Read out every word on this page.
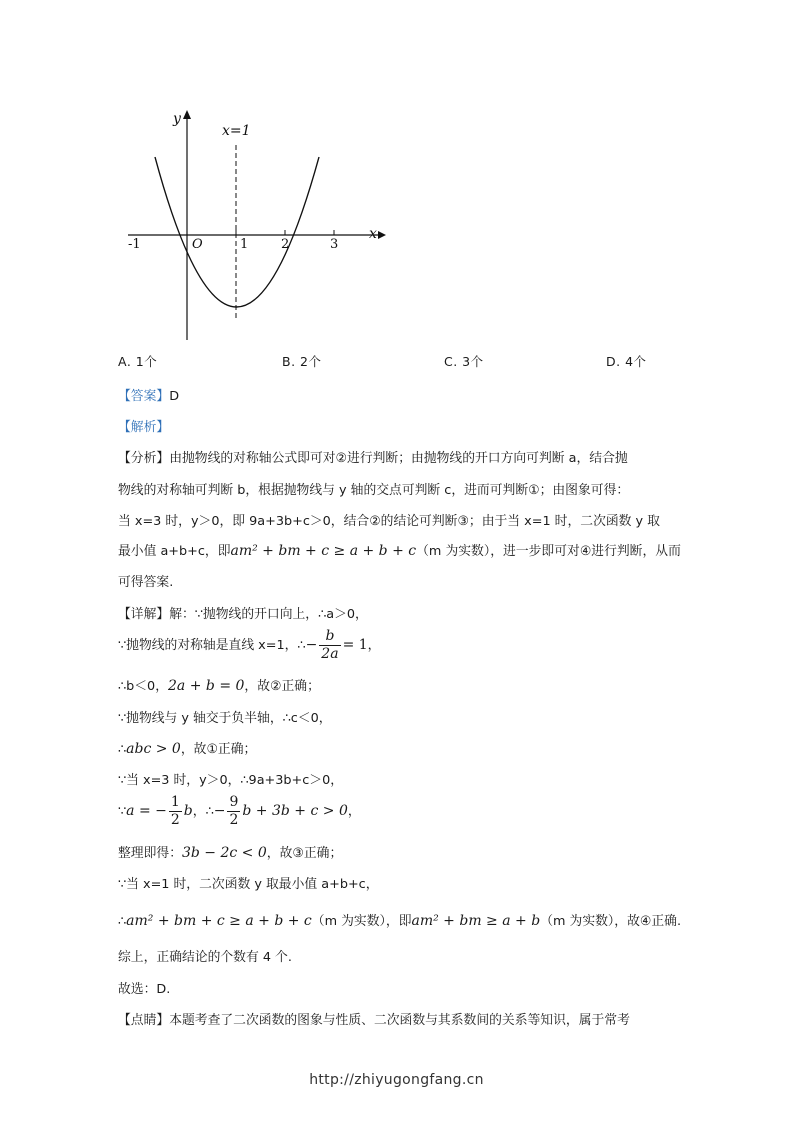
y
x
x=1
O
-1	1	2	3
A. 1个	B. 2个	C. 3个	D. 4个
【答案】D
【解析】
【分析】由抛物线的对称轴公式即可对②进行判断；由抛物线的开口方向可判断 a，结合抛
物线的对称轴可判断 b，根据抛物线与 y 轴的交点可判断 c，进而可判断①；由图象可得：
当 x=3 时，y＞0，即 9a+3b+c＞0，结合②的结论可判断③；由于当 x=1 时，二次函数 y 取
最小值 a+b+c，即am² + bm + c ≥ a + b + c（m 为实数），进一步即可对④进行判断，从而
可得答案.
【详解】解：∵抛物线的开口向上，∴a＞0，
∵抛物线的对称轴是直线 x=1，∴− $\frac{b}{2a} = 1$，
∴b＜0，2a + b = 0，故②正确；
∵抛物线与 y 轴交于负半轴，∴c＜0，
∴abc > 0，故①正确；
∵当 x=3 时，y＞0，∴9a+3b+c＞0，
∵a = − $\frac{1}{2}$ b，∴− $\frac{9}{2}$ b + 3b + c > 0，
整理即得：3b − 2c < 0，故③正确；
∵当 x=1 时，二次函数 y 取最小值 a+b+c，
∴am² + bm + c ≥ a + b + c（m 为实数），即am² + bm ≥ a + b（m 为实数），故④正确.
综上，正确结论的个数有 4 个.
故选：D.
【点睛】本题考查了二次函数的图象与性质、二次函数与其系数间的关系等知识，属于常考
http://zhiyugongfang.cn
